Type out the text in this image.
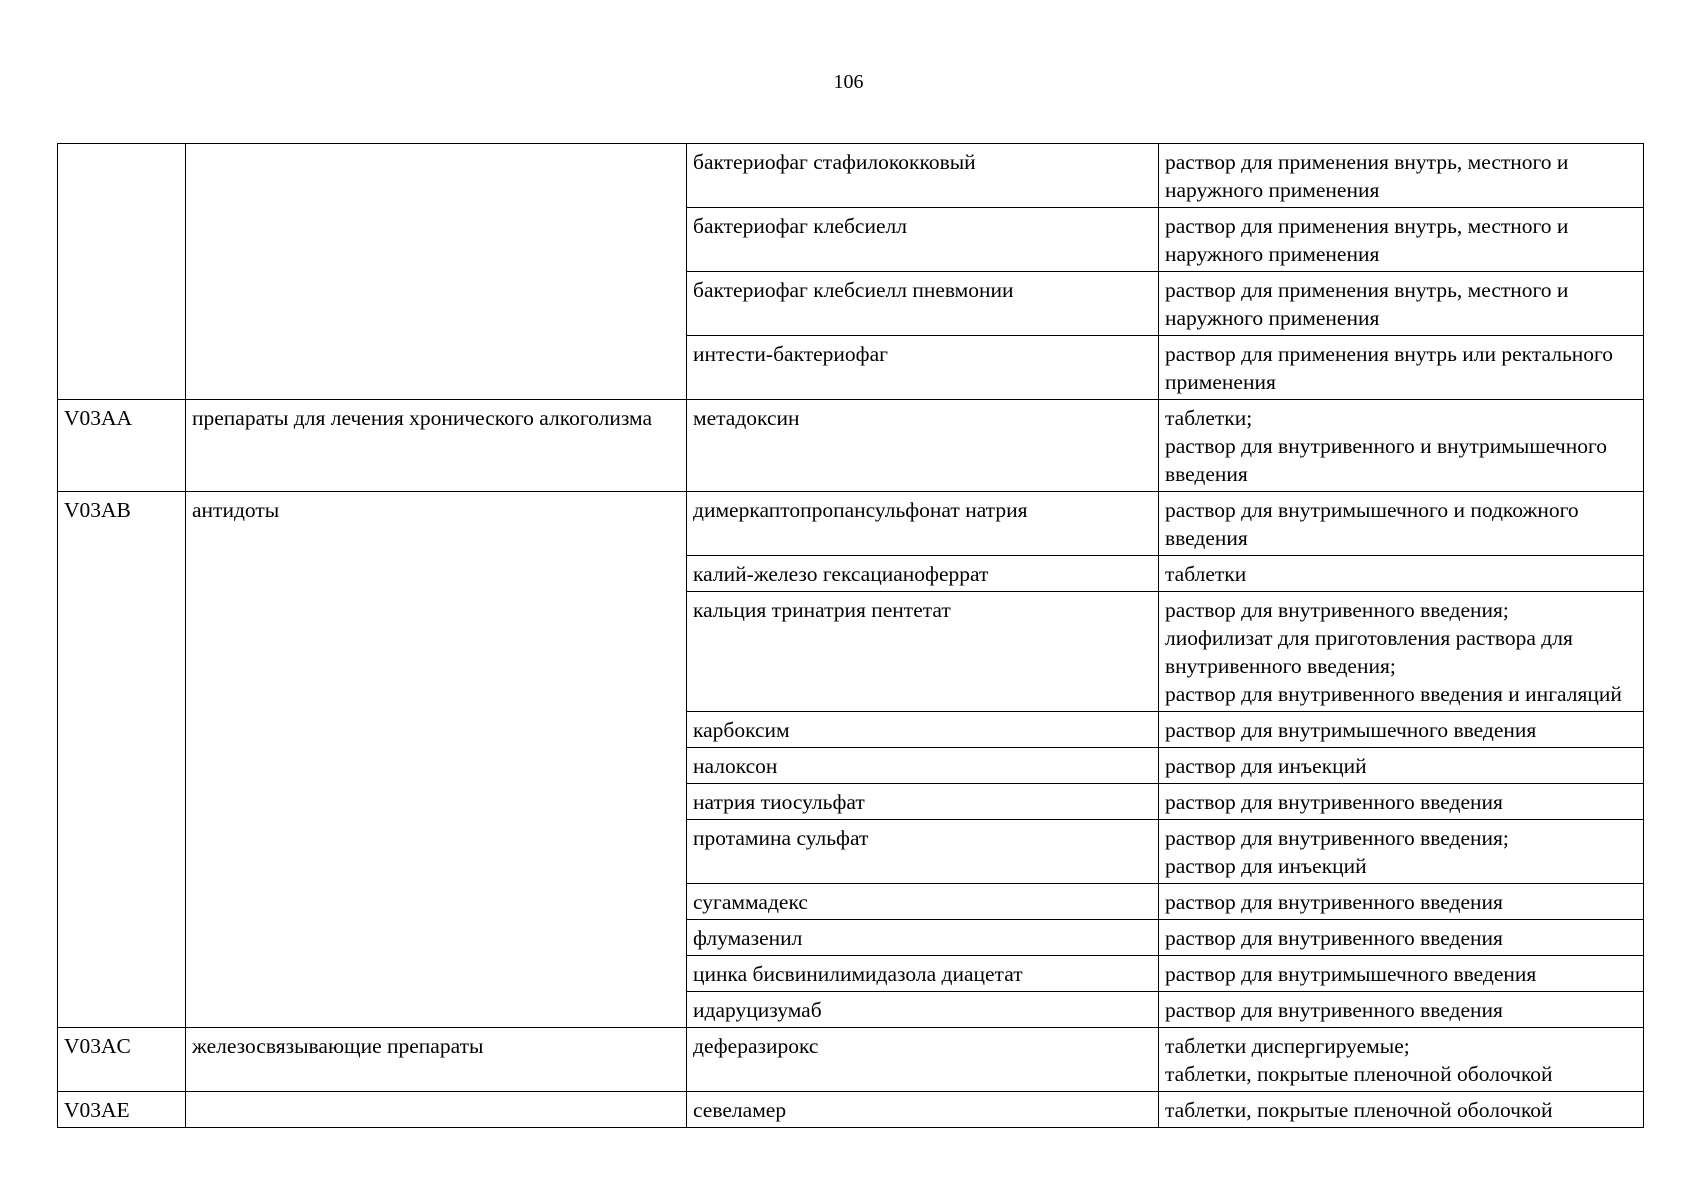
106
		бактериофаг стафилококковый	раствор для применения внутрь, местного и наружного применения

		бактериофаг клебсиелл	раствор для применения внутрь, местного и наружного применения

		бактериофаг клебсиелл пневмонии	раствор для применения внутрь, местного и наружного применения

		интести-бактериофаг	раствор для применения внутрь или ректального применения

V03AA	препараты для лечения хронического алкоголизма	метадоксин	таблетки;
раствор для внутривенного и внутримышечного введения

V03AB	антидоты	димеркаптопропансульфонат натрия	раствор для внутримышечного и подкожного введения

		калий-железо гексацианоферрат	таблетки

		кальция тринатрия пентетат	раствор для внутривенного введения;
лиофилизат для приготовления раствора для внутривенного введения;
раствор для внутривенного введения и ингаляций

		карбоксим	раствор для внутримышечного введения

		налоксон	раствор для инъекций

		натрия тиосульфат	раствор для внутривенного введения

		протамина сульфат	раствор для внутривенного введения;
раствор для инъекций

		сугаммадекс	раствор для внутривенного введения

		флумазенил	раствор для внутривенного введения

		цинка бисвинилимидазола диацетат	раствор для внутримышечного введения

		идаруцизумаб	раствор для внутривенного введения

V03AC	железосвязывающие препараты	деферазирокс	таблетки диспергируемые;
таблетки, покрытые пленочной оболочкой

V03AE		севеламер	таблетки, покрытые пленочной оболочкой
